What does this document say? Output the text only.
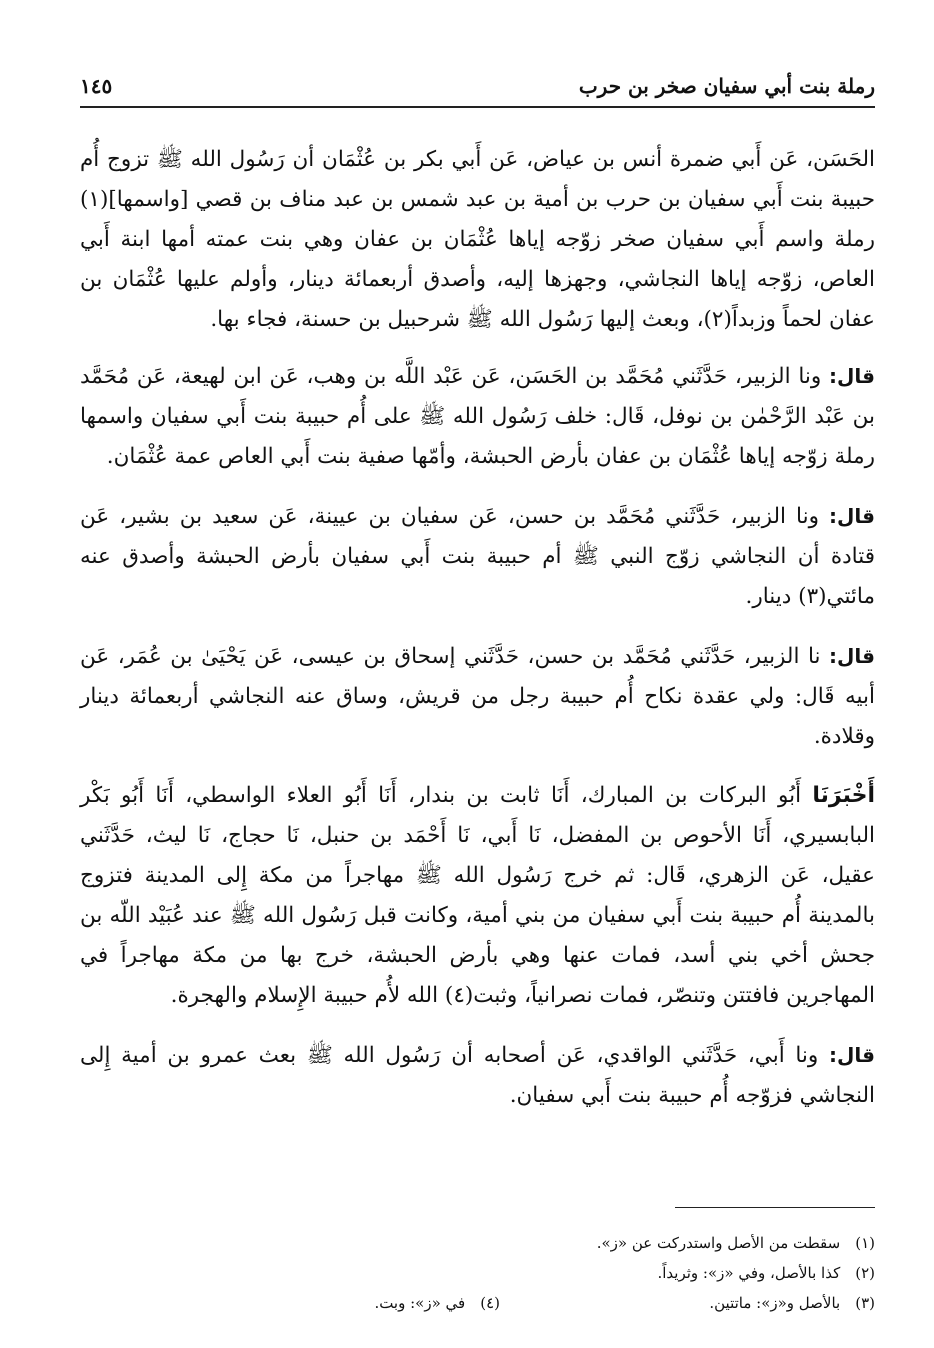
رملة بنت أبي سفيان صخر بن حرب
١٤٥

الحَسَن، عَن أَبي ضمرة أنس بن عياض، عَن أَبي بكر بن عُثْمَان أن رَسُول الله ﷺ تزوج أُم حبيبة بنت أَبي سفيان بن حرب بن أمية بن عبد شمس بن عبد مناف بن قصي [واسمها](١) رملة واسم أَبي سفيان صخر زوّجه إياها عُثْمَان بن عفان وهي بنت عمته أمها ابنة أَبي العاص، زوّجه إياها النجاشي، وجهزها إليه، وأصدق أربعمائة دينار، وأولم عليها عُثْمَان بن عفان لحماً وزبداً(٢)، وبعث إليها رَسُول الله ﷺ شرحبيل بن حسنة، فجاء بها.

قال: ونا الزبير، حَدَّثَني مُحَمَّد بن الحَسَن، عَن عَبْد اللَّه بن وهب، عَن ابن لهيعة، عَن مُحَمَّد بن عَبْد الرَّحْمٰن بن نوفل، قَال: خلف رَسُول الله ﷺ على أُم حبيبة بنت أَبي سفيان واسمها رملة زوّجه إياها عُثْمَان بن عفان بأرض الحبشة، وأمّها صفية بنت أَبي العاص عمة عُثْمَان.

قال: ونا الزبير، حَدَّثَني مُحَمَّد بن حسن، عَن سفيان بن عيينة، عَن سعيد بن بشير، عَن قتادة أن النجاشي زوّج النبي ﷺ أم حبيبة بنت أَبي سفيان بأرض الحبشة وأصدق عنه مائتي(٣) دينار.

قال: نا الزبير، حَدَّثَني مُحَمَّد بن حسن، حَدَّثَني إسحاق بن عيسى، عَن يَحْيَىٰ بن عُمَر، عَن أبيه قَال: ولي عقدة نكاح أُم حبيبة رجل من قريش، وساق عنه النجاشي أربعمائة دينار وقلادة.

أَخْبَرَنَا أَبُو البركات بن المبارك، أَنَا ثابت بن بندار، أَنَا أَبُو العلاء الواسطي، أَنَا أَبُو بَكْر البابسيري، أَنَا الأحوص بن المفضل، نَا أَبي، نَا أَحْمَد بن حنبل، نَا حجاج، نَا ليث، حَدَّثَني عقيل، عَن الزهري، قَال: ثم خرج رَسُول الله ﷺ مهاجراً من مكة إِلى المدينة فتزوج بالمدينة أُم حبيبة بنت أَبي سفيان من بني أمية، وكانت قبل رَسُول الله ﷺ عند عُبَيْد اللّه بن جحش أخي بني أسد، فمات عنها وهي بأرض الحبشة، خرج بها من مكة مهاجراً في المهاجرين فافتتن وتنصّر، فمات نصرانياً، وثبت(٤) الله لأُم حبيبة الإِسلام والهجرة.

قال: ونا أَبي، حَدَّثَني الواقدي، عَن أصحابه أن رَسُول الله ﷺ بعث عمرو بن أمية إِلى النجاشي فزوّجه أُم حبيبة بنت أَبي سفيان.

(١) سقطت من الأصل واستدركت عن «ز».
(٢) كذا بالأصل، وفي «ز»: وثريداً.
(٣) بالأصل و«ز»: ماتتين.
(٤) في «ز»: وبت.
